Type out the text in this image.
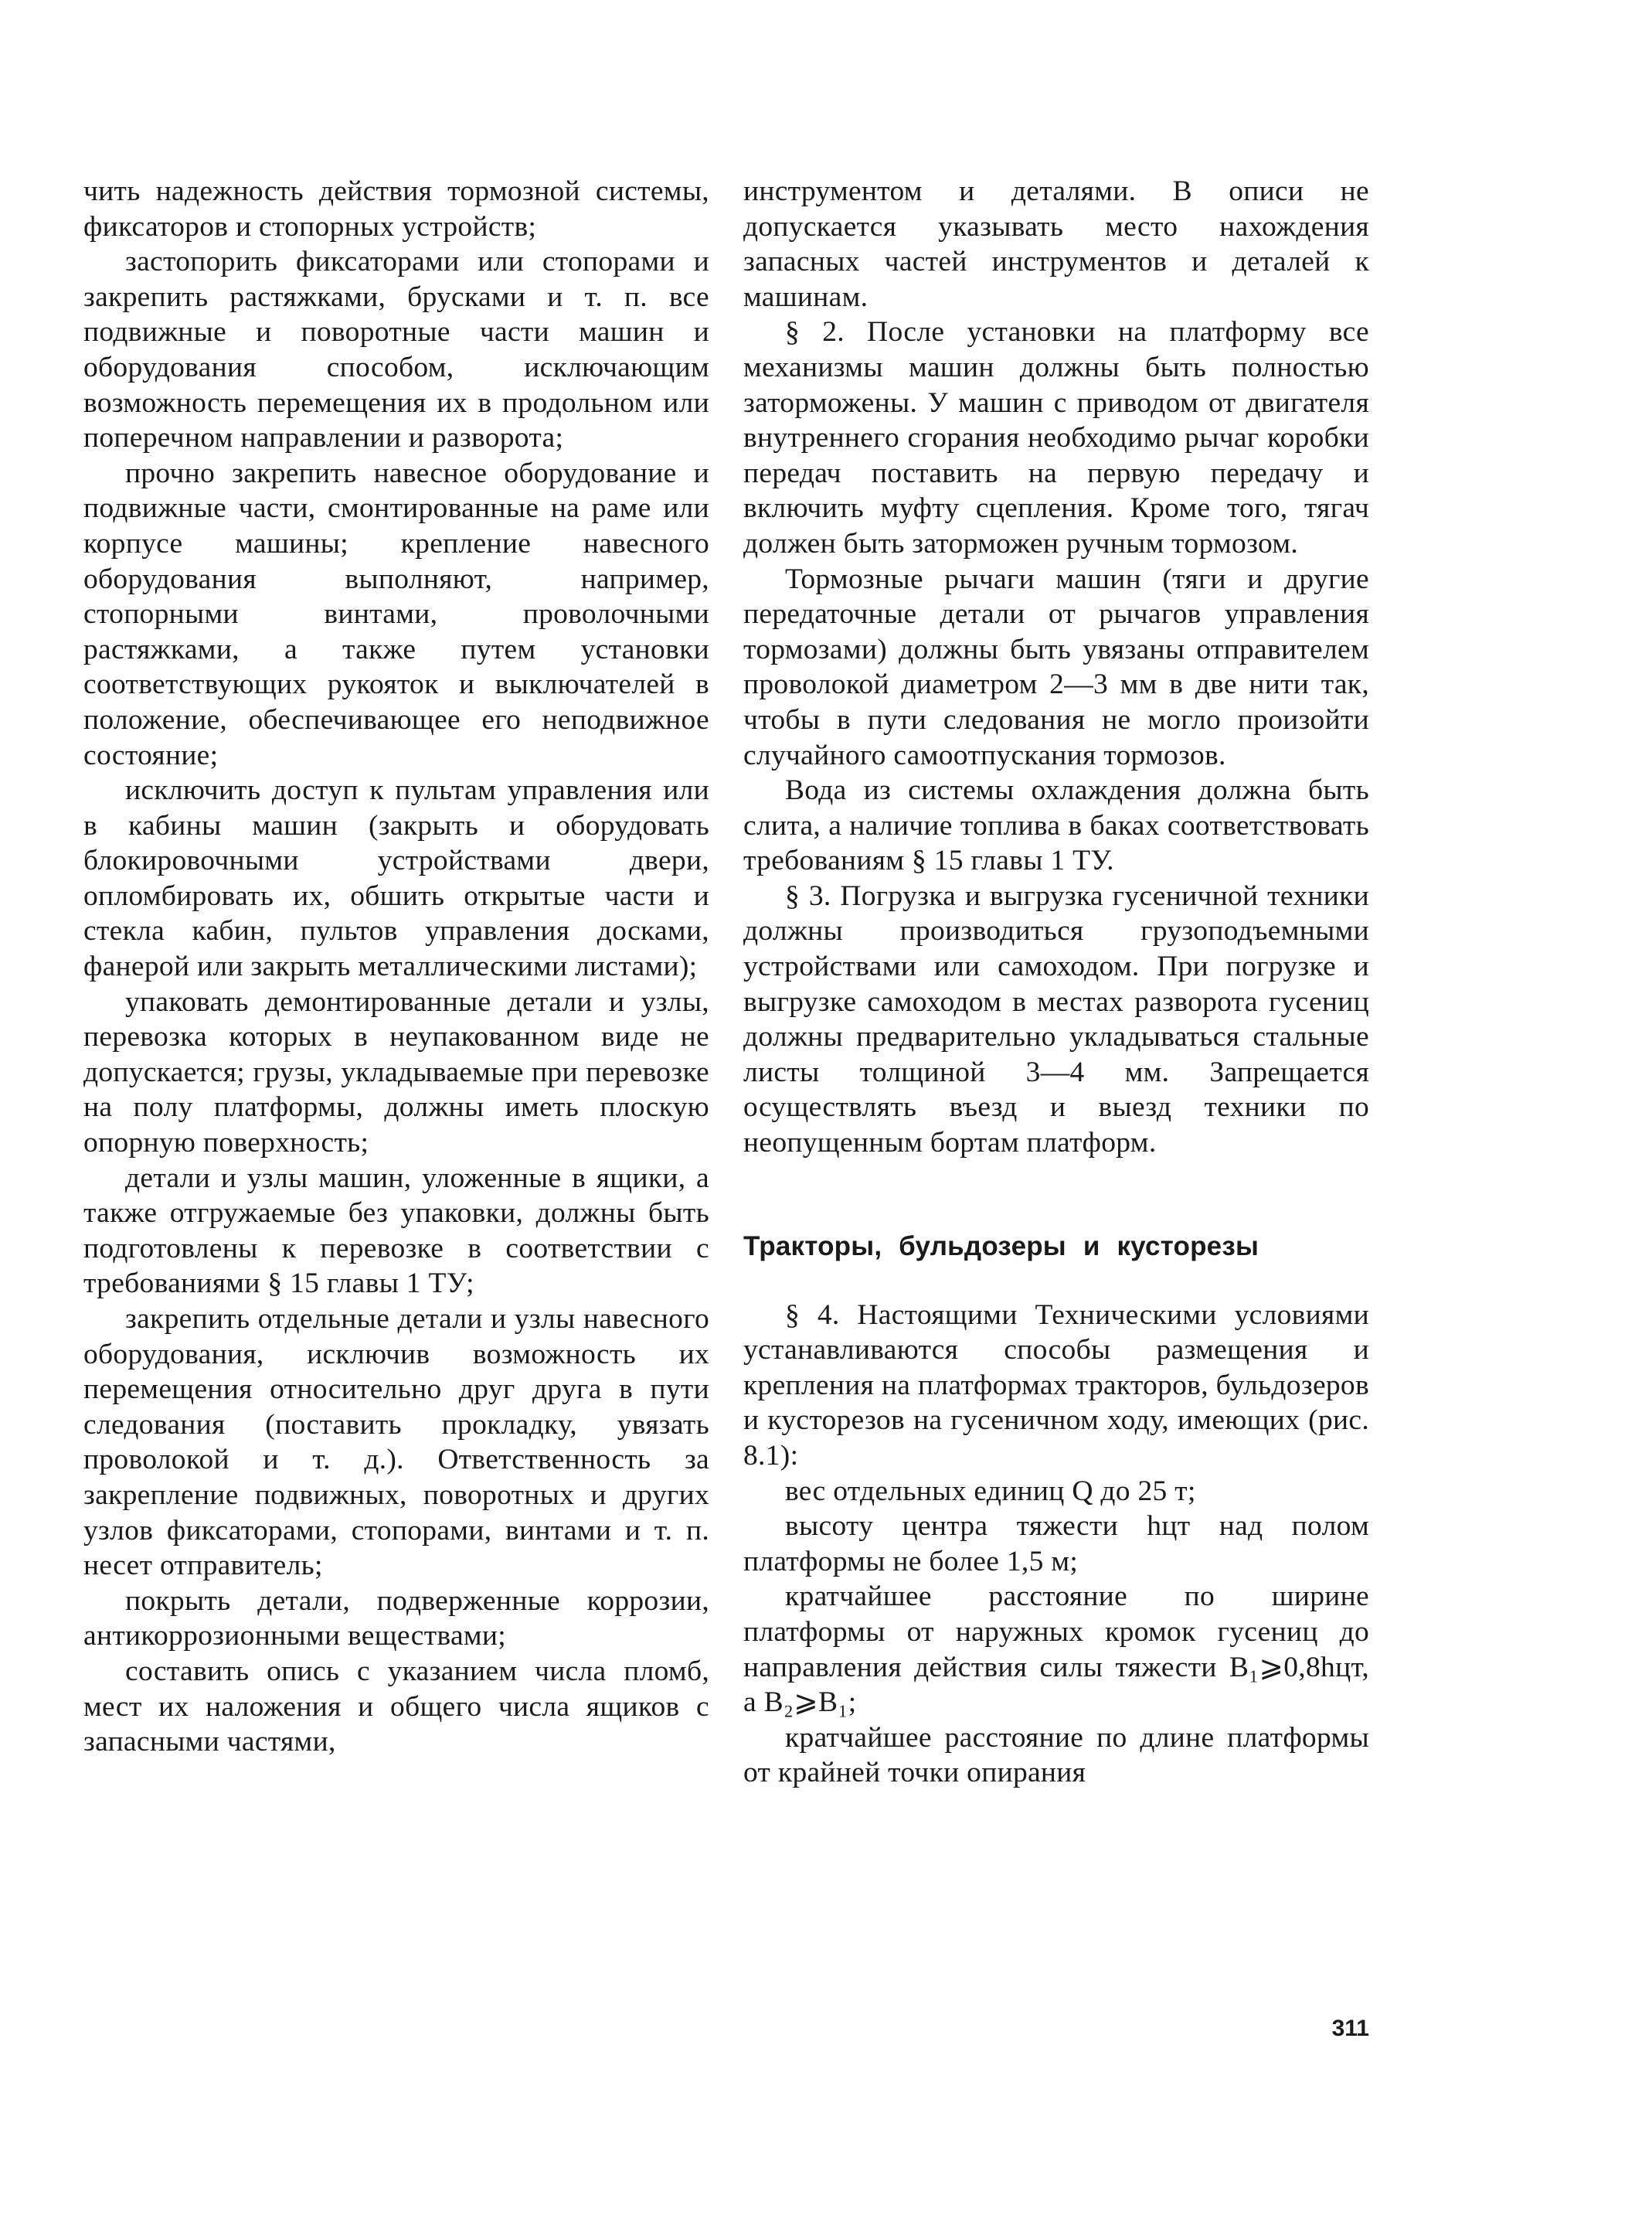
чить надежность действия тормозной системы, фиксаторов и стопорных устройств;

застопорить фиксаторами или стопорами и закрепить растяжками, брусками и т. п. все подвижные и поворотные части машин и оборудования способом, исключающим возможность перемещения их в продольном или поперечном направлении и разворота;

прочно закрепить навесное оборудование и подвижные части, смонтированные на раме или корпусе машины; крепление навесного оборудования выполняют, например, стопорными винтами, проволочными растяжками, а также путем установки соответствующих рукояток и выключателей в положение, обеспечивающее его неподвижное состояние;

исключить доступ к пультам управления или в кабины машин (закрыть и оборудовать блокировочными устройствами двери, опломбировать их, обшить открытые части и стекла кабин, пультов управления досками, фанерой или закрыть металлическими листами);

упаковать демонтированные детали и узлы, перевозка которых в неупакованном виде не допускается; грузы, укладываемые при перевозке на полу платформы, должны иметь плоскую опорную поверхность;

детали и узлы машин, уложенные в ящики, а также отгружаемые без упаковки, должны быть подготовлены к перевозке в соответствии с требованиями § 15 главы 1 ТУ;

закрепить отдельные детали и узлы навесного оборудования, исключив возможность их перемещения относительно друг друга в пути следования (поставить прокладку, увязать проволокой и т. д.). Ответственность за закрепление подвижных, поворотных и других узлов фиксаторами, стопорами, винтами и т. п. несет отправитель;

покрыть детали, подверженные коррозии, антикоррозионными веществами;

составить опись с указанием числа пломб, мест их наложения и общего числа ящиков с запасными частями,

инструментом и деталями. В описи не допускается указывать место нахождения запасных частей инструментов и деталей к машинам.

§ 2. После установки на платформу все механизмы машин должны быть полностью заторможены. У машин с приводом от двигателя внутреннего сгорания необходимо рычаг коробки передач поставить на первую передачу и включить муфту сцепления. Кроме того, тягач должен быть заторможен ручным тормозом.

Тормозные рычаги машин (тяги и другие передаточные детали от рычагов управления тормозами) должны быть увязаны отправителем проволокой диаметром 2—3 мм в две нити так, чтобы в пути следования не могло произойти случайного самоотпускания тормозов.

Вода из системы охлаждения должна быть слита, а наличие топлива в баках соответствовать требованиям § 15 главы 1 ТУ.

§ 3. Погрузка и выгрузка гусеничной техники должны производиться грузоподъемными устройствами или самоходом. При погрузке и выгрузке самоходом в местах разворота гусениц должны предварительно укладываться стальные листы толщиной 3—4 мм. Запрещается осуществлять въезд и выезд техники по неопущенным бортам платформ.

Тракторы, бульдозеры и кусторезы

§ 4. Настоящими Техническими условиями устанавливаются способы размещения и крепления на платформах тракторов, бульдозеров и кусторезов на гусеничном ходу, имеющих (рис. 8.1):

вес отдельных единиц Q до 25 т;

высоту центра тяжести hцт над полом платформы не более 1,5 м;

кратчайшее расстояние по ширине платформы от наружных кромок гусениц до направления действия силы тяжести B₁⩾0,8hцт, а B₂⩾B₁;

кратчайшее расстояние по длине платформы от крайней точки опирания

311
